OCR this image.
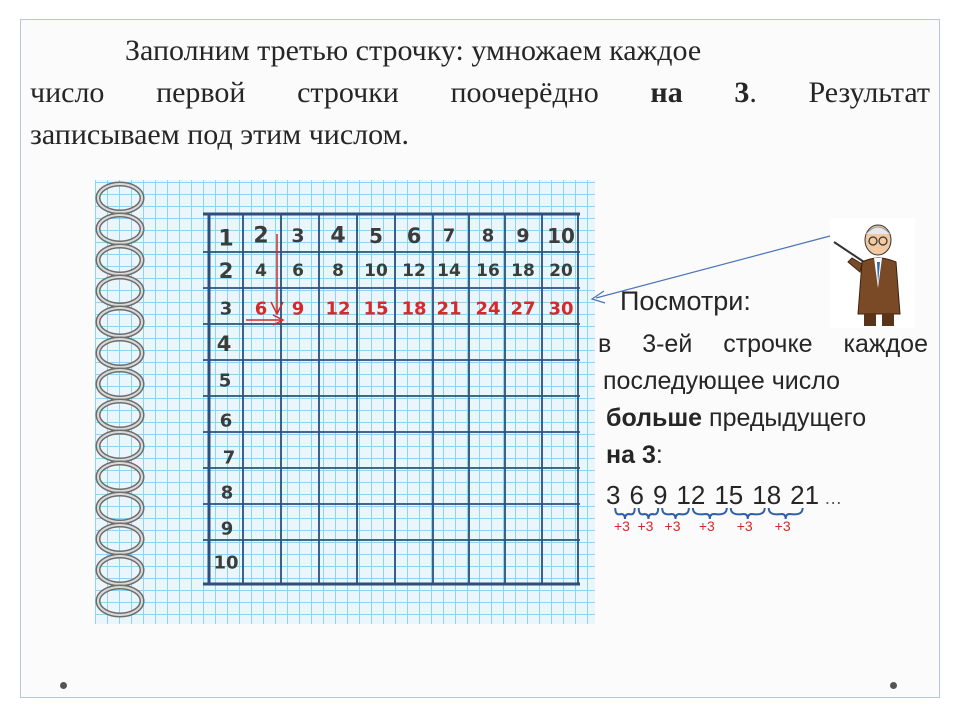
Заполним третью строчку: умножаем каждое
число первой строчки поочерёдно на 3. Результат
записываем под этим числом.
1 2 3 4 5 6 7 8 9 10
2 4 6 8 10 12 14 16 18 20
3 6 9 12 15 18 21 24 27 30
4
5
6
7
8
9
10
Посмотри:
в 3-ей строчке каждое
последующее число
больше предыдущего
на 3:
3 6 9 12 15 18 21 …
+3 +3 +3 +3 +3 +3
